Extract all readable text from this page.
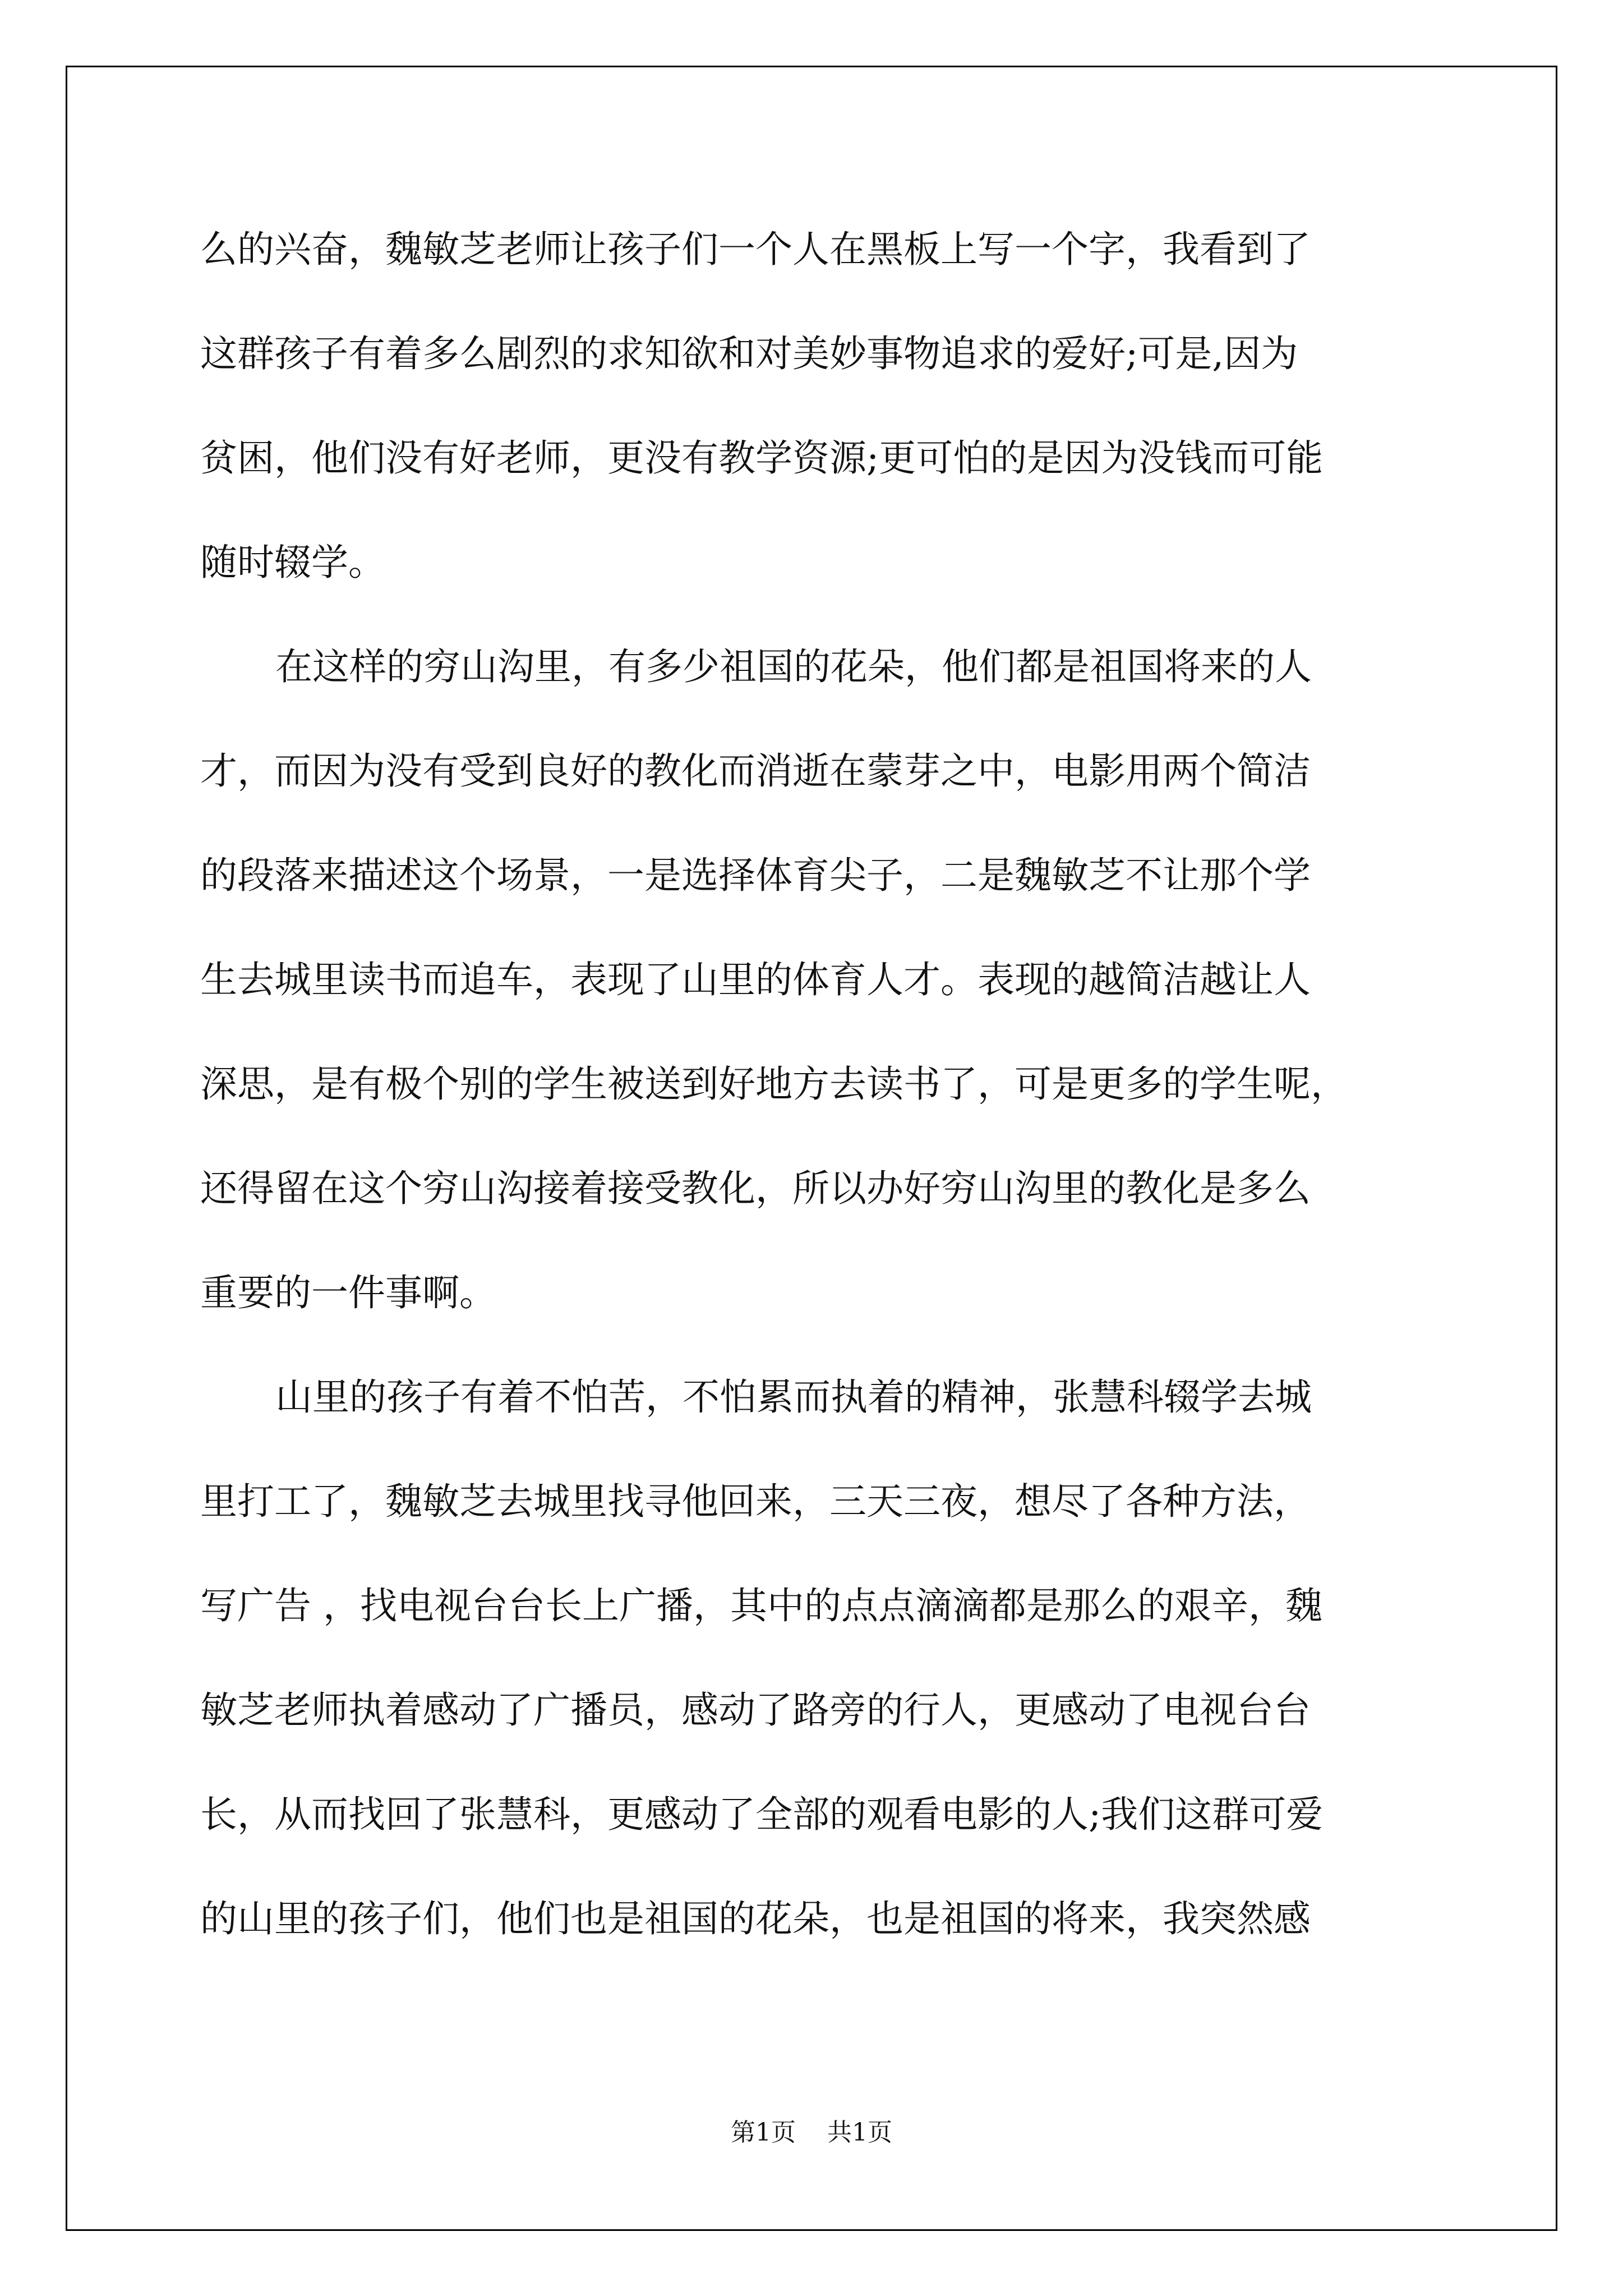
么的兴奋，魏敏芝老师让孩子们一个人在黑板上写一个字，我看到了
这群孩子有着多么剧烈的求知欲和对美妙事物追求的爱好;可是,因为
贫困，他们没有好老师，更没有教学资源;更可怕的是因为没钱而可能
随时辍学。
在这样的穷山沟里，有多少祖国的花朵，他们都是祖国将来的人
才，而因为没有受到良好的教化而消逝在蒙芽之中，电影用两个简洁
的段落来描述这个场景，一是选择体育尖子，二是魏敏芝不让那个学
生去城里读书而追车，表现了山里的体育人才。表现的越简洁越让人
深思，是有极个别的学生被送到好地方去读书了，可是更多的学生呢，
还得留在这个穷山沟接着接受教化，所以办好穷山沟里的教化是多么
重要的一件事啊。
山里的孩子有着不怕苦，不怕累而执着的精神，张慧科辍学去城
里打工了，魏敏芝去城里找寻他回来，三天三夜，想尽了各种方法，
写广告 ，找电视台台长上广播，其中的点点滴滴都是那么的艰辛，魏
敏芝老师执着感动了广播员，感动了路旁的行人，更感动了电视台台
长，从而找回了张慧科，更感动了全部的观看电影的人;我们这群可爱
的山里的孩子们，他们也是祖国的花朵，也是祖国的将来，我突然感
第1页 共1页
